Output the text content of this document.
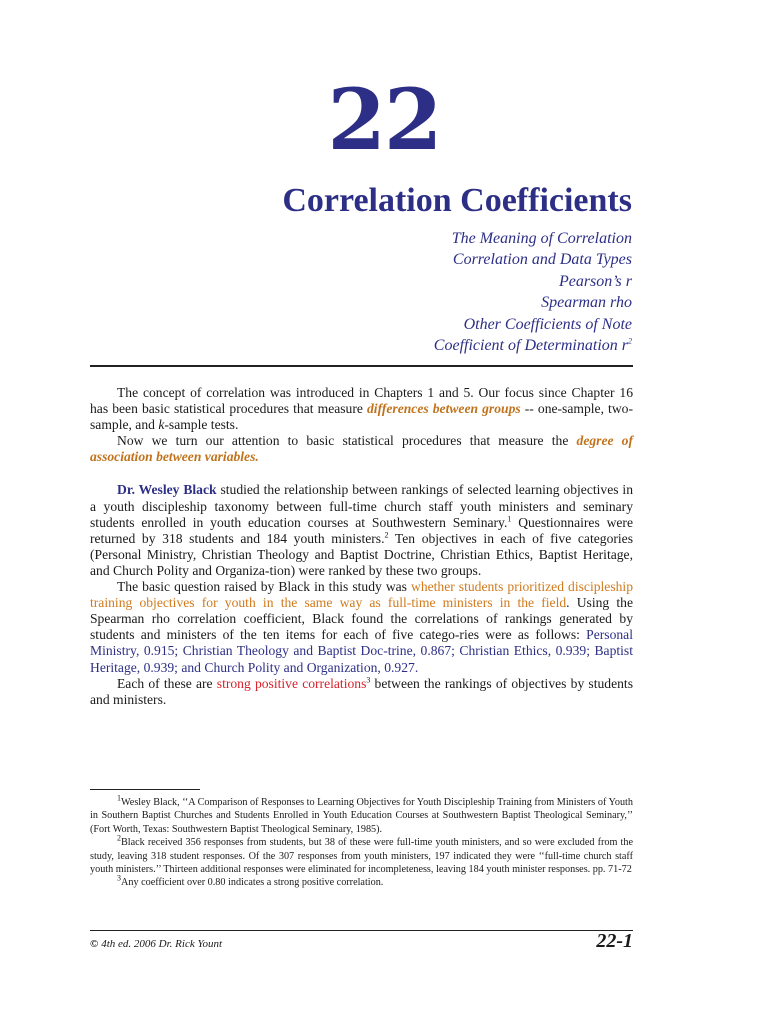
22
Correlation Coefficients
The Meaning of Correlation
Correlation and Data Types
Pearson’s r
Spearman rho
Other Coefficients of Note
Coefficient of Determination $r^2$

The concept of correlation was introduced in Chapters 1 and 5. Our focus since Chapter 16 has been basic statistical procedures that measure differences between groups -- one-sample, two-sample, and k-sample tests.

Now we turn our attention to basic statistical procedures that measure the degree of association between variables.

Dr. Wesley Black studied the relationship between rankings of selected learning objectives in a youth discipleship taxonomy between full-time church staff youth ministers and seminary students enrolled in youth education courses at Southwestern Seminary.$^1$ Questionnaires were returned by 318 students and 184 youth ministers.$^2$ Ten objectives in each of five categories (Personal Ministry, Christian Theology and Baptist Doctrine, Christian Ethics, Baptist Heritage, and Church Polity and Organiza-tion) were ranked by these two groups.

The basic question raised by Black in this study was whether students prioritized discipleship training objectives for youth in the same way as full-time ministers in the field. Using the Spearman rho correlation coefficient, Black found the correlations of rankings generated by students and ministers of the ten items for each of five catego-ries were as follows: Personal Ministry, 0.915; Christian Theology and Baptist Doc-trine, 0.867; Christian Ethics, 0.939; Baptist Heritage, 0.939; and Church Polity and Organization, 0.927.

Each of these are strong positive correlations$^3$ between the rankings of objectives by students and ministers.

$^1$Wesley Black, ‘‘A Comparison of Responses to Learning Objectives for Youth Discipleship Training from Ministers of Youth in Southern Baptist Churches and Students Enrolled in Youth Education Courses at Southwestern Baptist Theological Seminary,’’ (Fort Worth, Texas: Southwestern Baptist Theological Seminary, 1985).

$^2$Black received 356 responses from students, but 38 of these were full-time youth ministers, and so were excluded from the study, leaving 318 student responses. Of the 307 responses from youth ministers, 197 indicated they were ‘‘full-time church staff youth ministers.’’ Thirteen additional responses were eliminated for incompleteness, leaving 184 youth minister responses. pp. 71-72

$^3$Any coefficient over 0.80 indicates a strong positive correlation.

© 4th ed. 2006 Dr. Rick Yount	22-1
